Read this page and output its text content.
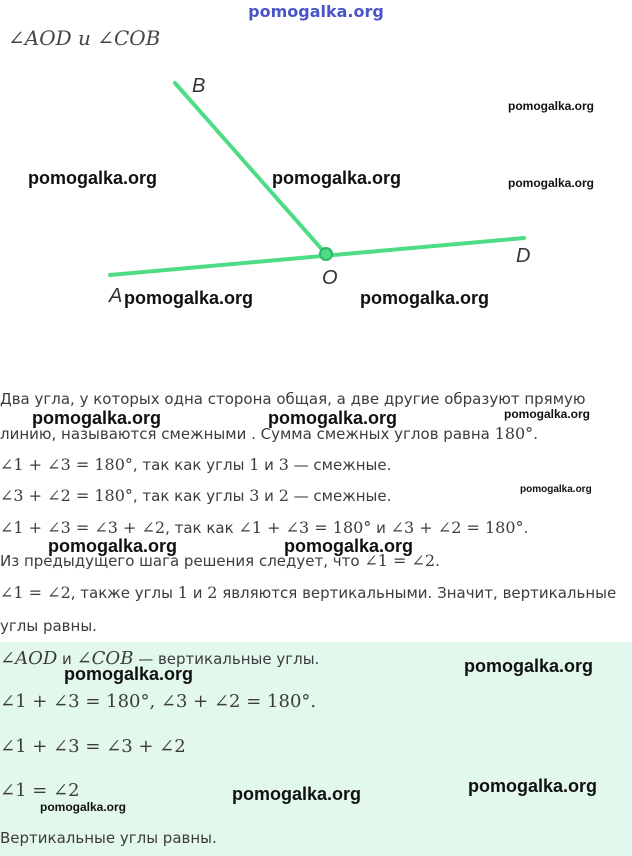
pomogalka.org
∠AOD и ∠COB
B
O
D
A
Два угла, у которых одна сторона общая, а две другие образуют прямую
линию, называются смежными . Сумма смежных углов равна 180°.
∠1 + ∠3 = 180°, так как углы 1 и 3 — смежные.
∠3 + ∠2 = 180°, так как углы 3 и 2 — смежные.
∠1 + ∠3 = ∠3 + ∠2, так как ∠1 + ∠3 = 180° и ∠3 + ∠2 = 180°.
Из предыдущего шага решения следует, что ∠1 = ∠2.
∠1 = ∠2, также углы 1 и 2 являются вертикальными. Значит, вертикальные
углы равны.
∠AOD и ∠COB — вертикальные углы.
∠1 + ∠3 = 180°, ∠3 + ∠2 = 180°.
∠1 + ∠3 = ∠3 + ∠2
∠1 = ∠2
Вертикальные углы равны.
pomogalka.org
pomogalka.org	pomogalka.org	pomogalka.org
pomogalka.org	pomogalka.org
pomogalka.org	pomogalka.org	pomogalka.org
pomogalka.org
pomogalka.org	pomogalka.org
pomogalka.org
pomogalka.org
pomogalka.org	pomogalka.org
pomogalka.org
